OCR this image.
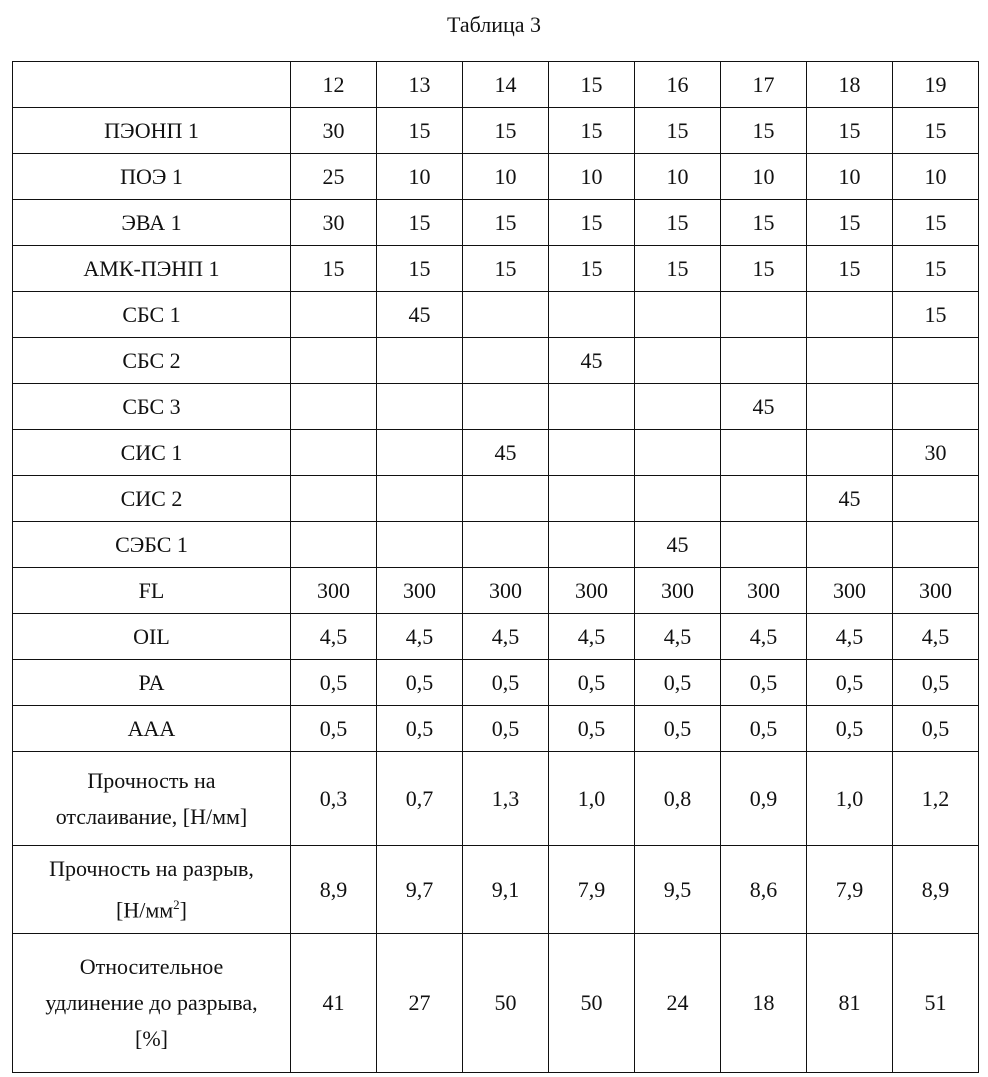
Таблица 3
	12	13	14	15	16	17	18	19
ПЭОНП 1	30	15	15	15	15	15	15	15
ПОЭ 1	25	10	10	10	10	10	10	10
ЭВА 1	30	15	15	15	15	15	15	15
АМК-ПЭНП 1	15	15	15	15	15	15	15	15
СБС 1		45						15
СБС 2				45				
СБС 3						45		
СИС 1			45					30
СИС 2							45	
СЭБС 1					45			
FL	300	300	300	300	300	300	300	300
OIL	4,5	4,5	4,5	4,5	4,5	4,5	4,5	4,5
PA	0,5	0,5	0,5	0,5	0,5	0,5	0,5	0,5
AAA	0,5	0,5	0,5	0,5	0,5	0,5	0,5	0,5

Прочность на
отслаивание, [Н/мм]	0,3	0,7	1,3	1,0	0,8	0,9	1,0	1,2

Прочность на разрыв,
$[Н/мм^2]$	8,9	9,7	9,1	7,9	9,5	8,6	7,9	8,9

Относительное
удлинение до разрыва,
[%]	41	27	50	50	24	18	81	51
